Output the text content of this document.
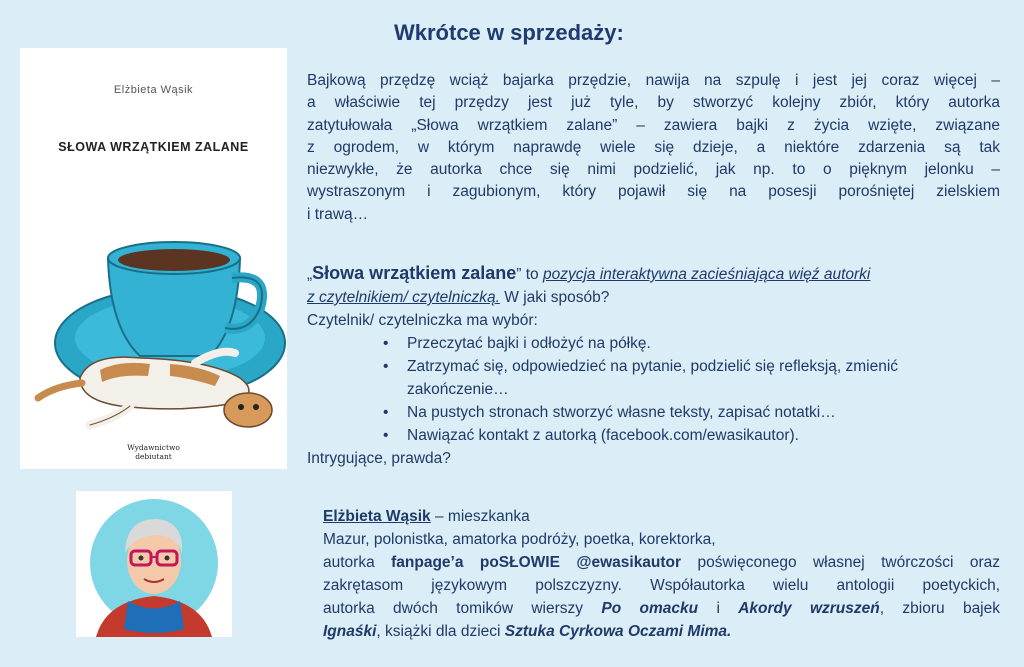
Wkrótce w sprzedaży:
Elżbieta Wąsik
SŁOWA WRZĄTKIEM ZALANE
Wydawnictwo
debiutant
Bajkową przędzę wciąż bajarka przędzie, nawija na szpulę i jest jej coraz więcej –
a właściwie tej przędzy jest już tyle, by stworzyć kolejny zbiór, który autorka
zatytułowała „Słowa wrzątkiem zalane” – zawiera bajki z życia wzięte, związane
z ogrodem, w którym naprawdę wiele się dzieje, a niektóre zdarzenia są tak
niezwykłe, że autorka chce się nimi podzielić, jak np. to o pięknym jelonku –
wystraszonym i zagubionym, który pojawił się na posesji porośniętej zielskiem
i trawą…
„Słowa wrzątkiem zalane” to pozycja interaktywna zacieśniająca więź autorki
z czytelnikiem/ czytelniczką. W jaki sposób?
Czytelnik/ czytelniczka ma wybór:
• Przeczytać bajki i odłożyć na półkę.
• Zatrzymać się, odpowiedzieć na pytanie, podzielić się refleksją, zmienić
zakończenie…
• Na pustych stronach stworzyć własne teksty, zapisać notatki…
• Nawiązać kontakt z autorką (facebook.com/ewasikautor).
Intrygujące, prawda?
Elżbieta Wąsik – mieszkanka
Mazur, polonistka, amatorka podróży, poetka, korektorka,
autorka fanpage’a poSŁOWIE @ewasikautor poświęconego własnej twórczości oraz
zakrętasom językowym polszczyzny. Współautorka wielu antologii poetyckich,
autorka dwóch tomików wierszy Po omacku i Akordy wzruszeń, zbioru bajek
Ignaśki, książki dla dzieci Sztuka Cyrkowa Oczami Mima.
